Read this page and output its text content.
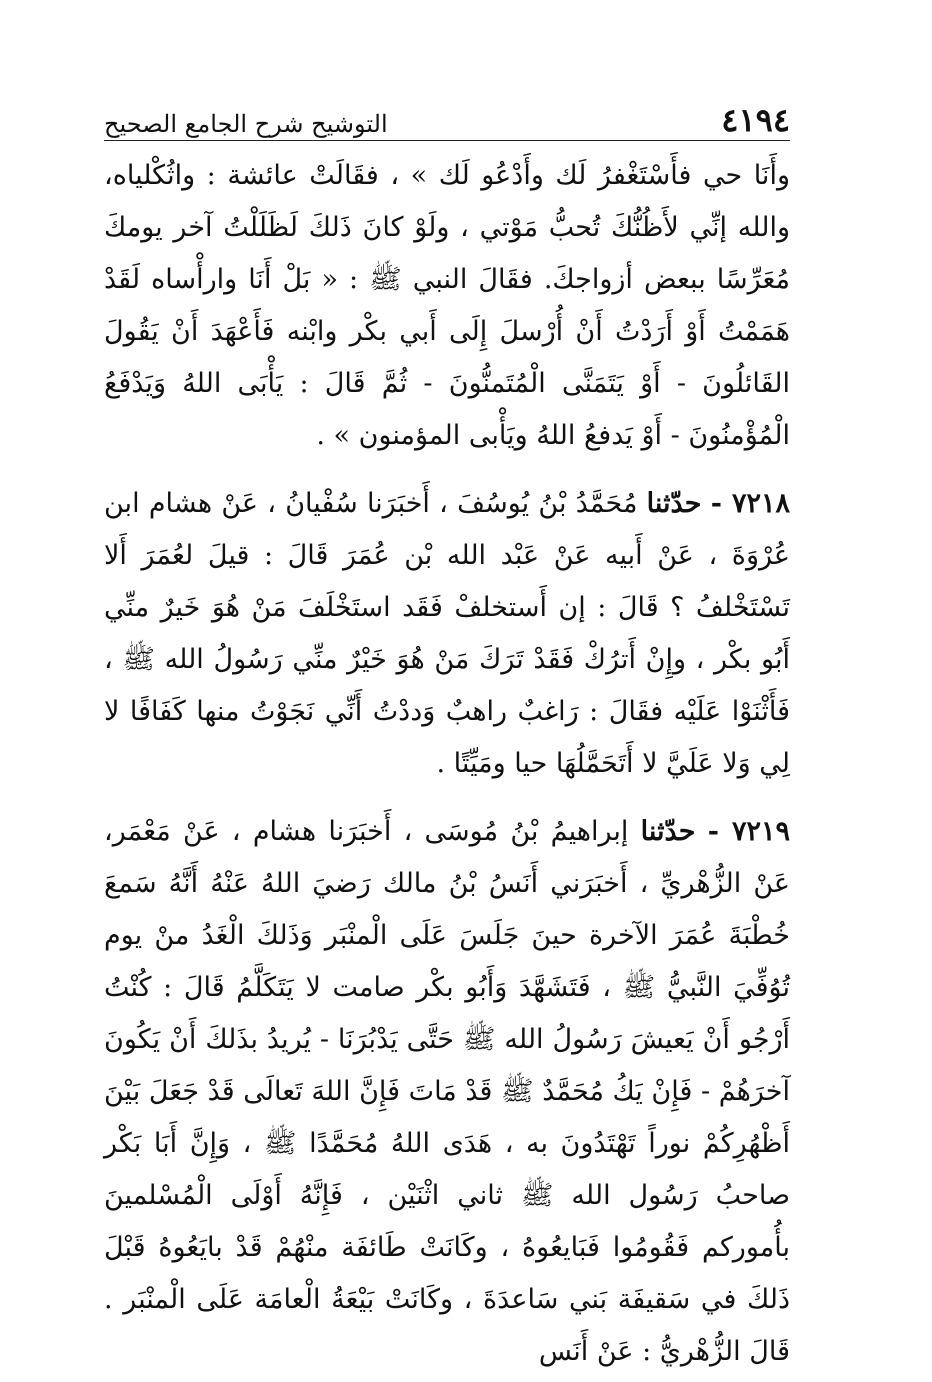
٤١٩٤
التوشيح شرح الجامع الصحيح

وأَنَا حي فأَسْتَغْفرُ لَك وأَدْعُو لَك » ، فقَالَتْ عائشة : واثُكْلياه، والله إنِّي لأَظُنُّكَ تُحبُّ مَوْتي ، ولَوْ كانَ ذَلكَ لَظَلَلْتُ آخر يومكَ مُعَرِّسًا ببعض أزواجكَ. فقَالَ النبي ﷺ : « بَلْ أَنَا وارأْساه لَقَدْ هَمَمْتُ أَوْ أَرَدْتُ أَنْ أُرْسلَ إِلَى أَبي بكْر وابْنه فَأَعْهَدَ أَنْ يَقُولَ القَائلُونَ - أَوْ يَتَمَنَّى الْمُتَمنُّونَ - ثُمَّ قَالَ : يَأْبَى اللهُ وَيَدْفَعُ الْمُؤْمنُونَ - أَوْ يَدفعُ اللهُ ويَأْبى المؤمنون » .

٧٢١٨ - حدّثنا مُحَمَّدُ بْنُ يُوسُفَ ، أَخبَرَنا سُفْيانُ ، عَنْ هشام ابن عُرْوَةَ ، عَنْ أَبيه عَنْ عَبْد الله بْن عُمَرَ قَالَ : قيلَ لعُمَرَ أَلا تَسْتَخْلفُ ؟ قَالَ : إن أَستخلفْ فَقَد استَخْلَفَ مَنْ هُوَ خَيرٌ منِّي أَبُو بكْر ، وإِنْ أَترُكْ فَقَدْ تَرَكَ مَنْ هُوَ خَيْرٌ منِّي رَسُولُ الله ﷺ ، فَأَثْنَوْا عَلَيْه فقَالَ : رَاغبٌ راهبٌ وَددْتُ أَنِّي نَجَوْتُ منها كَفَافًا لا لِي وَلا عَلَيَّ لا أَتَحَمَّلُهَا حيا ومَيِّتًا .

٧٢١٩ - حدّثنا إبراهيمُ بْنُ مُوسَى ، أَخبَرَنا هشام ، عَنْ مَعْمَر، عَنْ الزُّهْريِّ ، أَخبَرَني أَنَسُ بْنُ مالك رَضيَ اللهُ عَنْهُ أَنَّهُ سَمعَ خُطْبَةَ عُمَرَ الآخرة حينَ جَلَسَ عَلَى الْمنْبَر وَذَلكَ الْغَدُ منْ يوم تُوُفِّيَ النَّبيُّ ﷺ ، فَتَشَهَّدَ وَأَبُو بكْر صامت لا يَتَكَلَّمُ قَالَ : كُنْتُ أَرْجُو أَنْ يَعيشَ رَسُولُ الله ﷺ حَتَّى يَدْبُرَنَا - يُريدُ بذَلكَ أَنْ يَكُونَ آخرَهُمْ - فَإِنْ يَكُ مُحَمَّدٌ ﷺ قَدْ مَاتَ فَإِنَّ اللهَ تَعالَى قَدْ جَعَلَ بَيْنَ أَظْهُرِكُمْ نوراً تَهْتَدُونَ به ، هَدَى اللهُ مُحَمَّدًا ﷺ ، وَإِنَّ أَبَا بَكْر صاحبُ رَسُول الله ﷺ ثاني اثْنَيْن ، فَإِنَّهُ أَوْلَى الْمُسْلمينَ بأُموركم فَقُومُوا فَبَايعُوهُ ، وكَانَتْ طَائفَة منْهُمْ قَدْ بايَعُوهُ قَبْلَ ذَلكَ في سَقيفَة بَني سَاعدَةَ ، وكَانَتْ بَيْعَةُ الْعامَة عَلَى الْمنْبَر . قَالَ الزُّهْريُّ : عَنْ أَنَس
